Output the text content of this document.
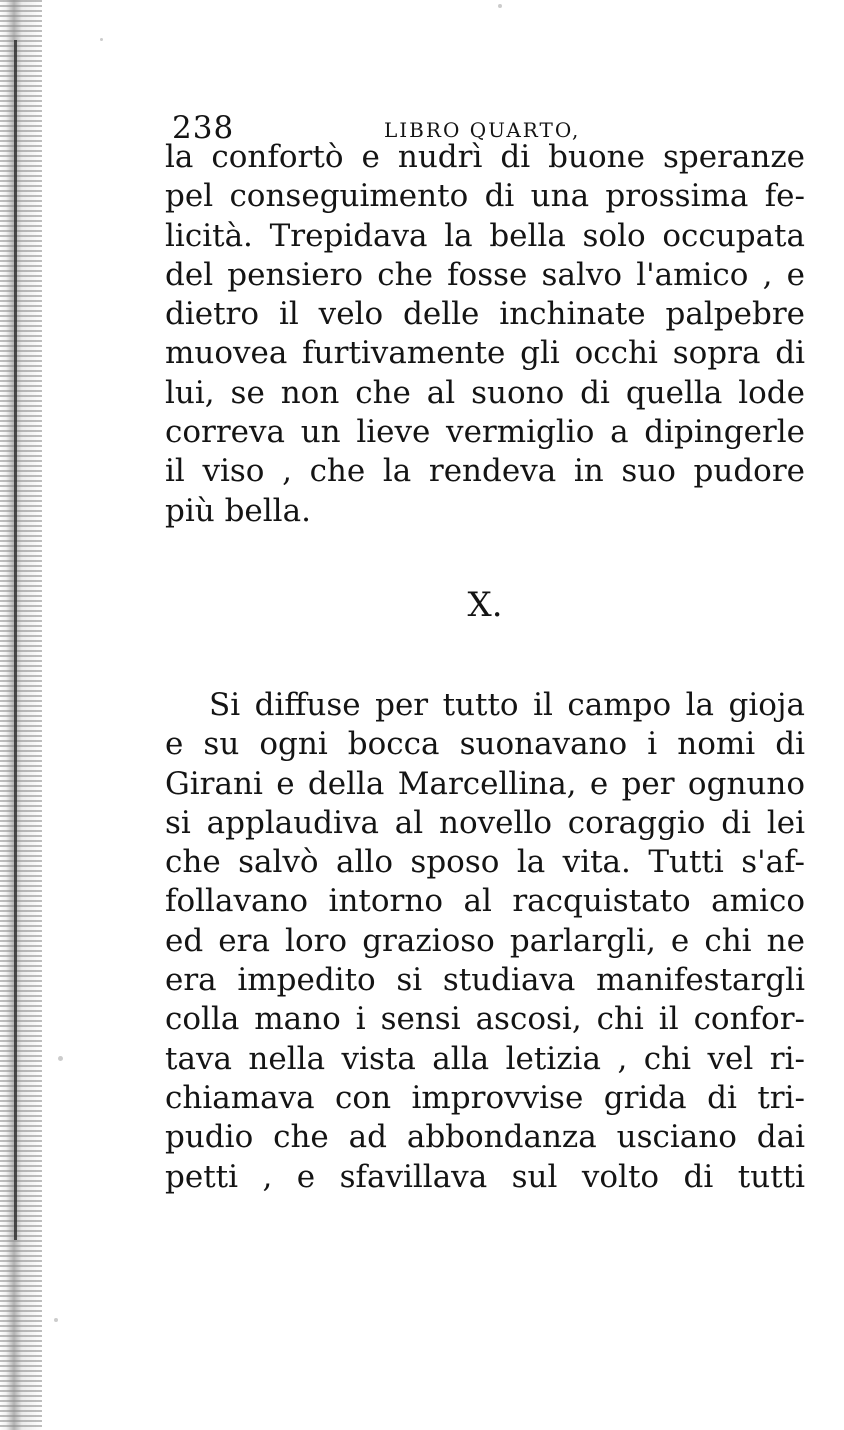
238	LIBRO QUARTO,
la confortò e nudrì di buone speranze
pel conseguimento di una prossima fe-
licità. Trepidava la bella solo occupata
del pensiero che fosse salvo l'amico , e
dietro il velo delle inchinate palpebre
muovea furtivamente gli occhi sopra di
lui, se non che al suono di quella lode
correva un lieve vermiglio a dipingerle
il viso , che la rendeva in suo pudore
più bella.
X.
Si diffuse per tutto il campo la gioja
e su ogni bocca suonavano i nomi di
Girani e della Marcellina, e per ognuno
si applaudiva al novello coraggio di lei
che salvò allo sposo la vita. Tutti s'af-
follavano intorno al racquistato amico
ed era loro grazioso parlargli, e chi ne
era impedito si studiava manifestargli
colla mano i sensi ascosi, chi il confor-
tava nella vista alla letizia , chi vel ri-
chiamava con improvvise grida di tri-
pudio che ad abbondanza usciano dai
petti , e sfavillava sul volto di tutti
